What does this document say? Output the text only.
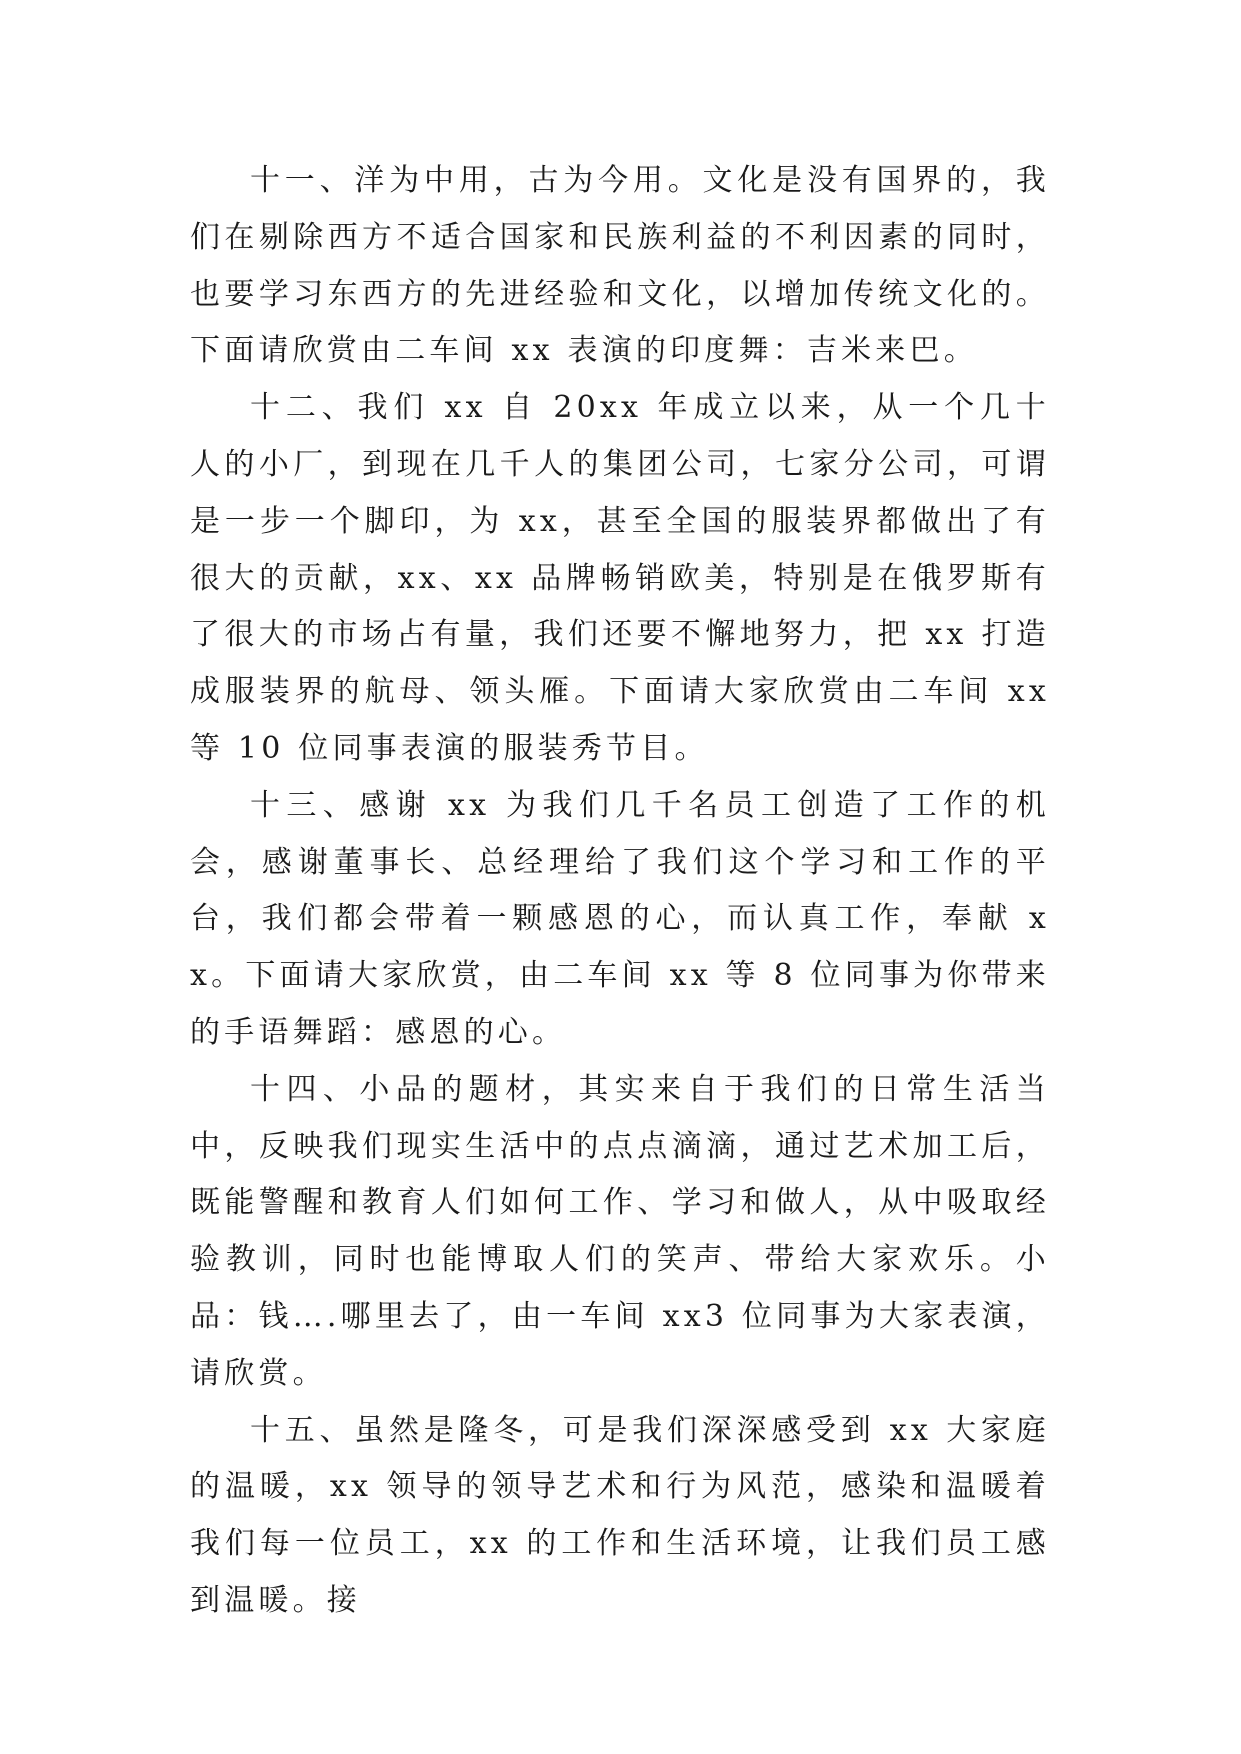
十一、洋为中用，古为今用。文化是没有国界的，我们在剔除西方不适合国家和民族利益的不利因素的同时，也要学习东西方的先进经验和文化，以增加传统文化的。下面请欣赏由二车间 xx 表演的印度舞：吉米来巴。

十二、我们 xx 自 20xx 年成立以来，从一个几十人的小厂，到现在几千人的集团公司，七家分公司，可谓是一步一个脚印，为 xx，甚至全国的服装界都做出了有很大的贡献，xx、xx 品牌畅销欧美，特别是在俄罗斯有了很大的市场占有量，我们还要不懈地努力，把 xx 打造成服装界的航母、领头雁。下面请大家欣赏由二车间 xx 等 10 位同事表演的服装秀节目。

十三、感谢 xx 为我们几千名员工创造了工作的机会，感谢董事长、总经理给了我们这个学习和工作的平台，我们都会带着一颗感恩的心，而认真工作，奉献 xx。下面请大家欣赏，由二车间 xx 等 8 位同事为你带来的手语舞蹈：感恩的心。

十四、小品的题材，其实来自于我们的日常生活当中，反映我们现实生活中的点点滴滴，通过艺术加工后，既能警醒和教育人们如何工作、学习和做人，从中吸取经验教训，同时也能博取人们的笑声、带给大家欢乐。小品：钱….哪里去了，由一车间 xx3 位同事为大家表演，请欣赏。

十五、虽然是隆冬，可是我们深深感受到 xx 大家庭的温暖，xx 领导的领导艺术和行为风范，感染和温暖着我们每一位员工，xx 的工作和生活环境，让我们员工感到温暖。接
